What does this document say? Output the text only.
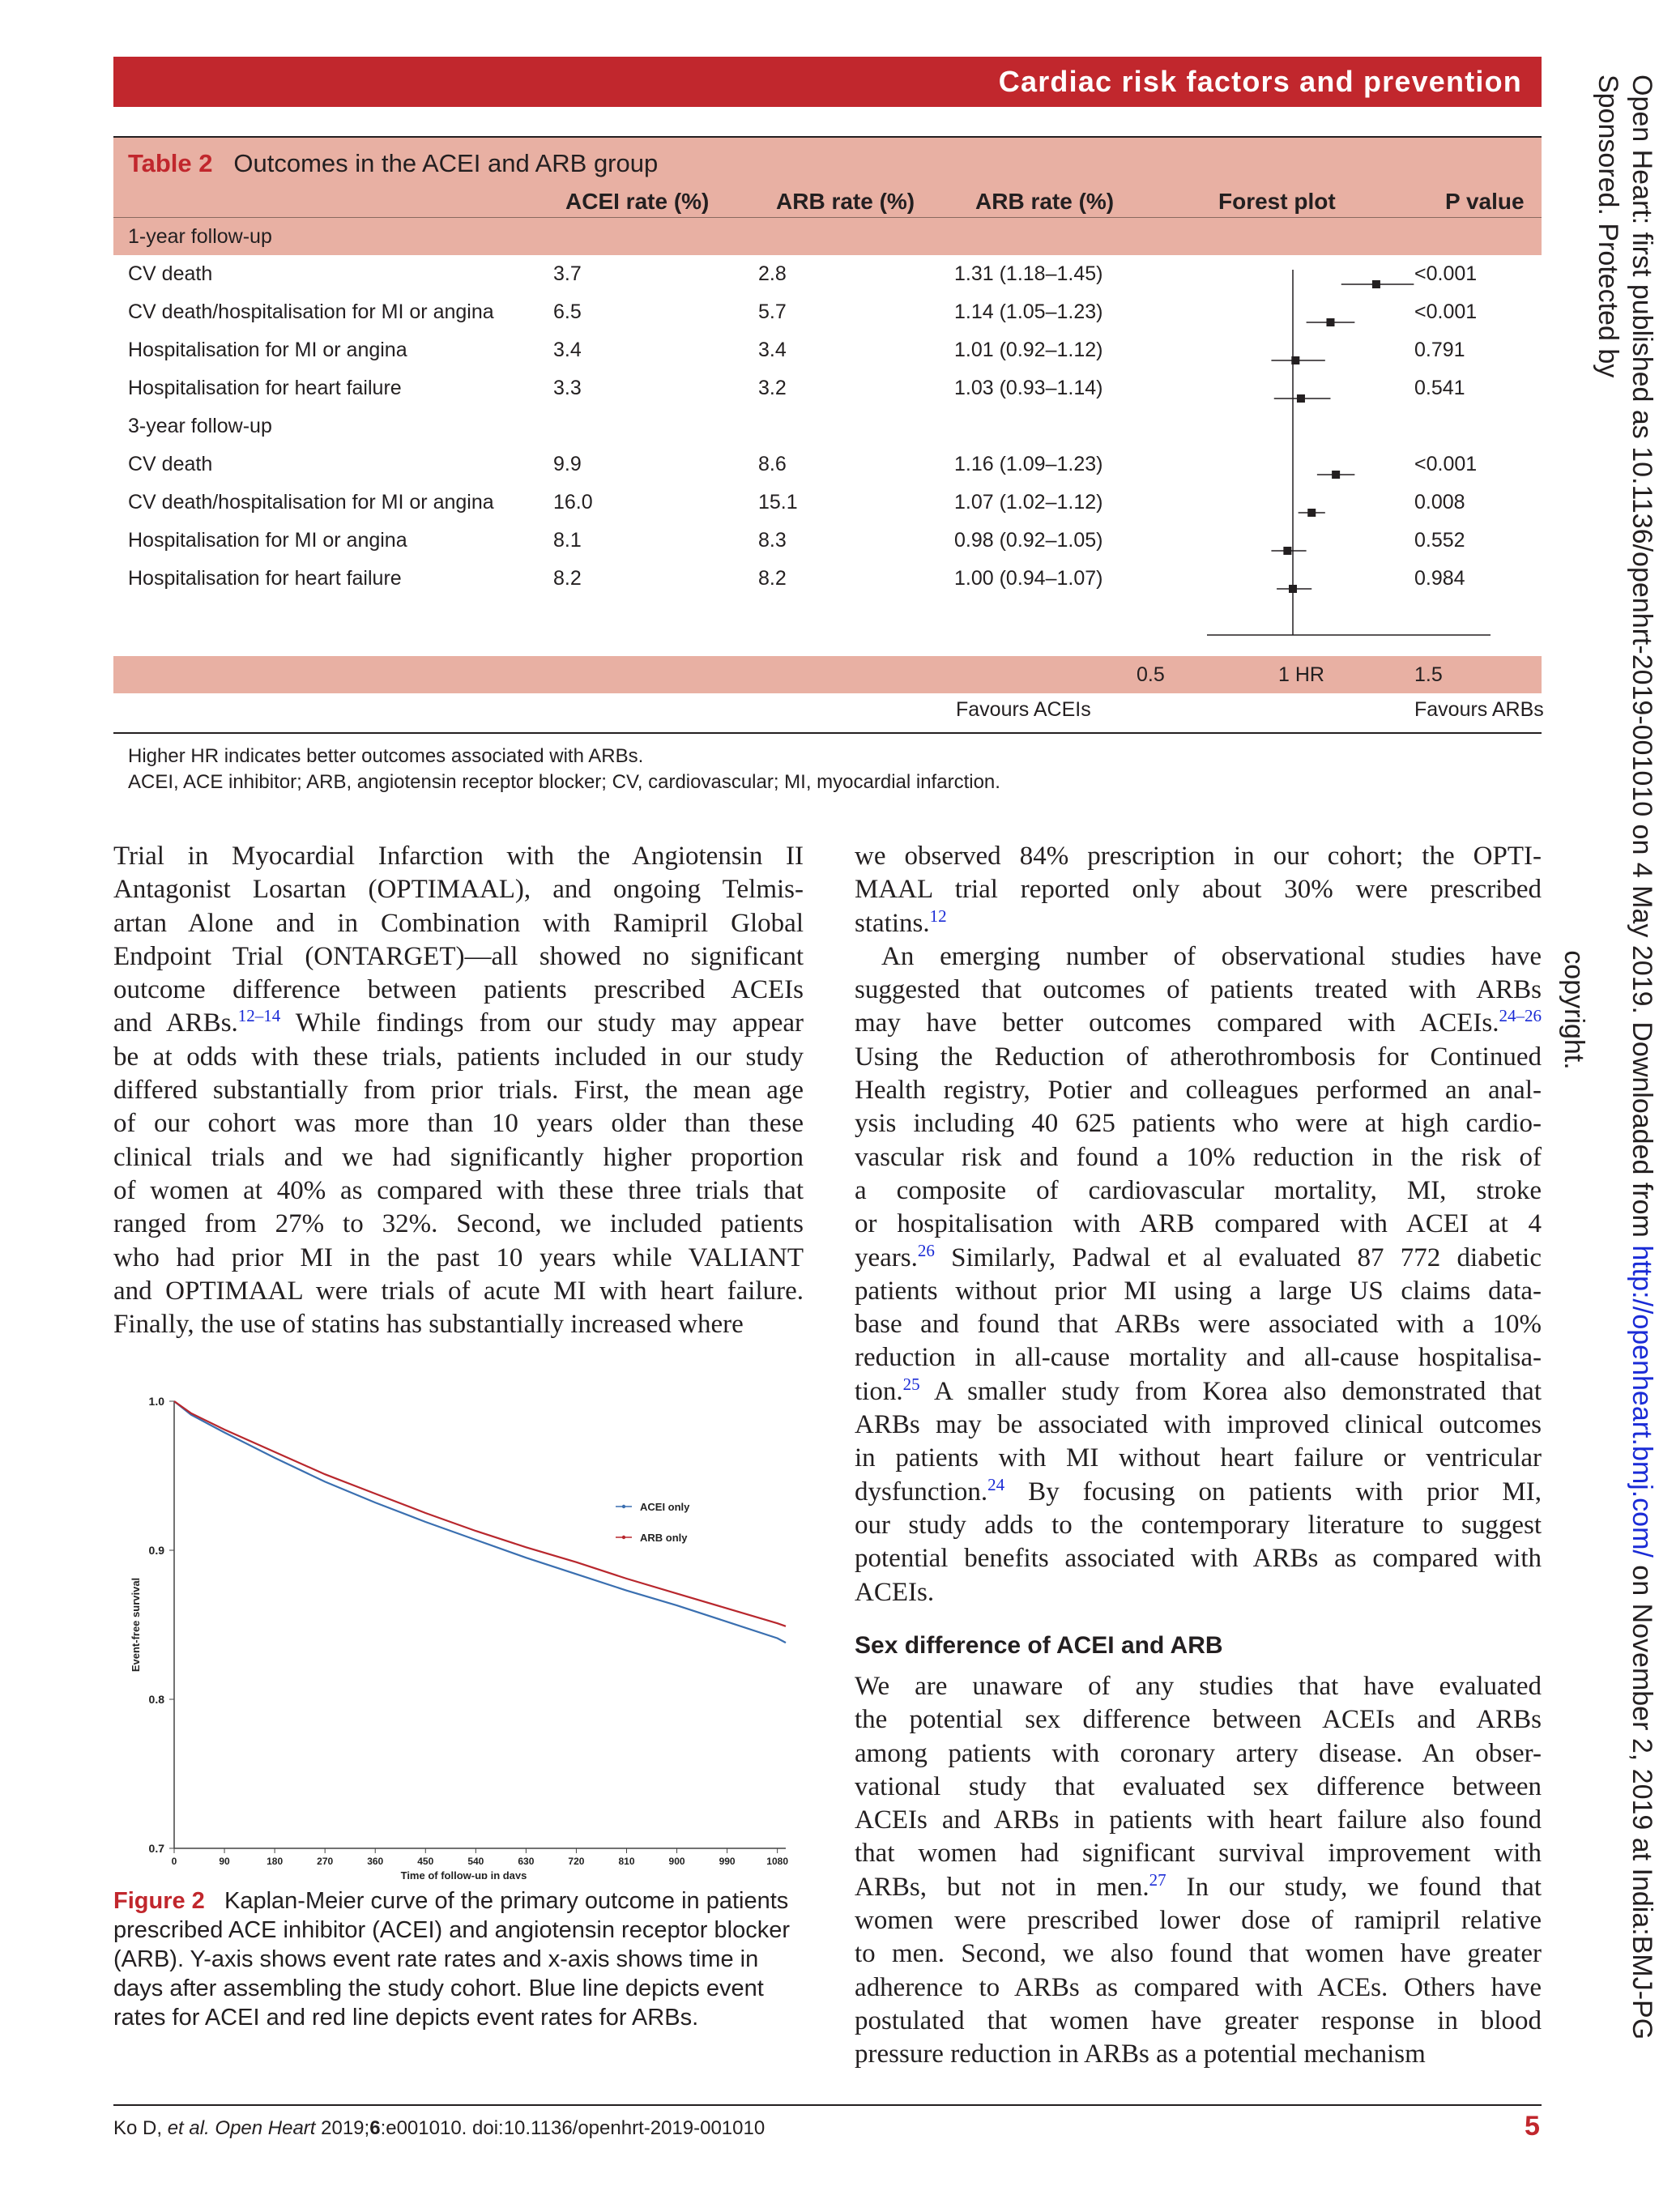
Cardiac risk factors and prevention	Open Heart: first published as 10.1136/openhrt-2019-001010 on 4 May 2019. Downloaded from http://openheart.bmj.com/ on November 2, 2019 at India:BMJ-PG Sponsored. Protected by
copyright.
Table 2 Outcomes in the ACEI and ARB group
ACEI rate (%)	ARB rate (%)	ARB rate (%)	Forest plot	P value
1-year follow-up
CV death	3.7	2.8	1.31 (1.18–1.45)	<0.001
CV death/hospitalisation for MI or angina	6.5	5.7	1.14 (1.05–1.23)	<0.001
Hospitalisation for MI or angina	3.4	3.4	1.01 (0.92–1.12)	0.791
Hospitalisation for heart failure	3.3	3.2	1.03 (0.93–1.14)	0.541
3-year follow-up
CV death	9.9	8.6	1.16 (1.09–1.23)	<0.001
CV death/hospitalisation for MI or angina	16.0	15.1	1.07 (1.02–1.12)	0.008
Hospitalisation for MI or angina	8.1	8.3	0.98 (0.92–1.05)	0.552
Hospitalisation for heart failure	8.2	8.2	1.00 (0.94–1.07)	0.984
0.5	1 HR	1.5
Favours ACEIs	Favours ARBs
Higher HR indicates better outcomes associated with ARBs.
ACEI, ACE inhibitor; ARB, angiotensin receptor blocker; CV, cardiovascular; MI, myocardial infarction.
Trial in Myocardial Infarction with the Angiotensin II
Antagonist Losartan (OPTIMAAL), and ongoing Telmis-
artan Alone and in Combination with Ramipril Global
Endpoint Trial (ONTARGET)—all showed no significant
outcome difference between patients prescribed ACEIs
and ARBs.$^{12-14}$ While findings from our study may appear
be at odds with these trials, patients included in our study
differed substantially from prior trials. First, the mean age
of our cohort was more than 10 years older than these
clinical trials and we had significantly higher proportion
of women at 40% as compared with these three trials that
ranged from 27% to 32%. Second, we included patients
who had prior MI in the past 10 years while VALIANT
and OPTIMAAL were trials of acute MI with heart failure.
Finally, the use of statins has substantially increased where
1.0
0.9
0.8
0.7
0	90	180	270	360	450	540	630	720	810	900	990	1080
Time of follow-up in days
Event-free survival
ACEI only
ARB only
Figure 2 Kaplan-Meier curve of the primary outcome in patients prescribed ACE inhibitor (ACEI) and angiotensin receptor blocker (ARB). Y-axis shows event rate rates and x-axis shows time in days after assembling the study cohort. Blue line depicts event rates for ACEI and red line depicts event rates for ARBs.
we observed 84% prescription in our cohort; the OPTI-
MAAL trial reported only about 30% were prescribed
statins.$^{12}$
 An emerging number of observational studies have
suggested that outcomes of patients treated with ARBs
may have better outcomes compared with ACEIs.$^{24-26}$
Using the Reduction of atherothrombosis for Continued
Health registry, Potier and colleagues performed an anal-
ysis including 40 625 patients who were at high cardio-
vascular risk and found a 10% reduction in the risk of
a composite of cardiovascular mortality, MI, stroke
or hospitalisation with ARB compared with ACEI at 4
years.$^{26}$ Similarly, Padwal et al evaluated 87 772 diabetic
patients without prior MI using a large US claims data-
base and found that ARBs were associated with a 10%
reduction in all-cause mortality and all-cause hospitalisa-
tion.$^{25}$ A smaller study from Korea also demonstrated that
ARBs may be associated with improved clinical outcomes
in patients with MI without heart failure or ventricular
dysfunction.$^{24}$ By focusing on patients with prior MI,
our study adds to the contemporary literature to suggest
potential benefits associated with ARBs as compared with
ACEIs.
Sex difference of ACEI and ARB
We are unaware of any studies that have evaluated
the potential sex difference between ACEIs and ARBs
among patients with coronary artery disease. An obser-
vational study that evaluated sex difference between
ACEIs and ARBs in patients with heart failure also found
that women had significant survival improvement with
ARBs, but not in men.$^{27}$ In our study, we found that
women were prescribed lower dose of ramipril relative
to men. Second, we also found that women have greater
adherence to ARBs as compared with ACEs. Others have
postulated that women have greater response in blood
pressure reduction in ARBs as a potential mechanism
Ko D, et al. Open Heart 2019;6:e001010. doi:10.1136/openhrt-2019-001010	5
